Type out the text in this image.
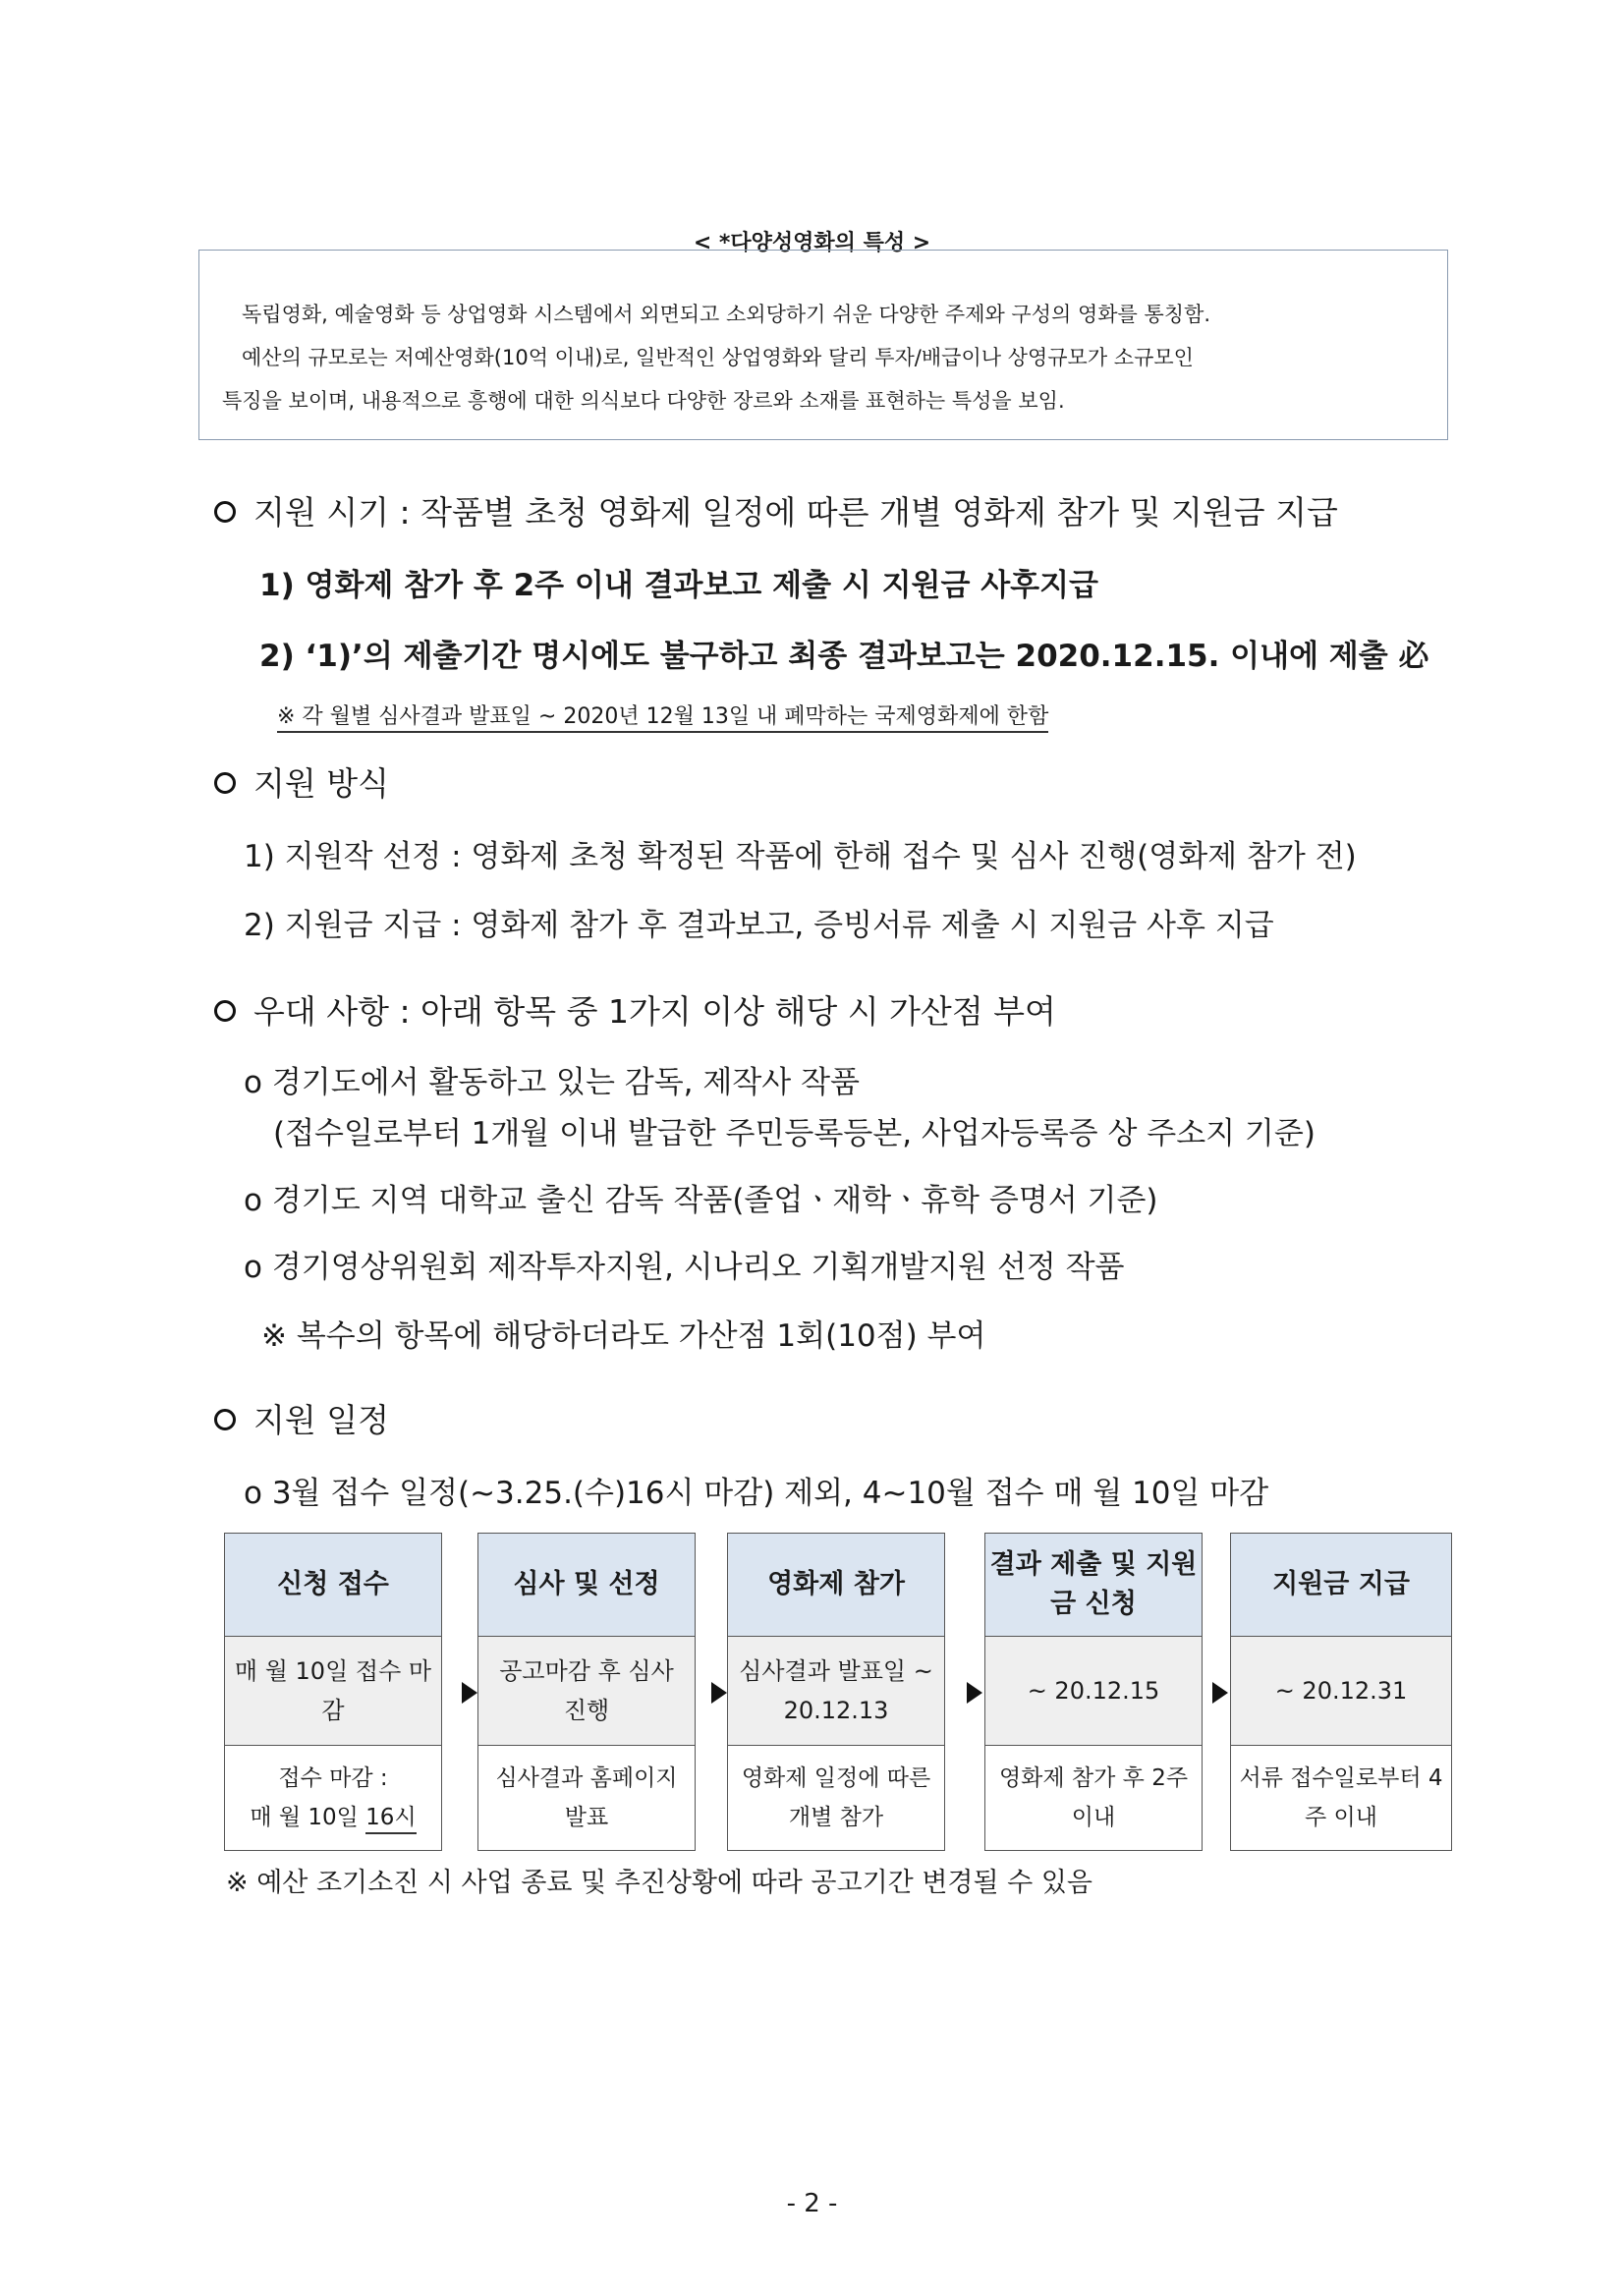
< *다양성영화의 특성 >
독립영화, 예술영화 등 상업영화 시스템에서 외면되고 소외당하기 쉬운 다양한 주제와 구성의 영화를 통칭함.
예산의 규모로는 저예산영화(10억 이내)로, 일반적인 상업영화와 달리 투자/배급이나 상영규모가 소규모인
특징을 보이며, 내용적으로 흥행에 대한 의식보다 다양한 장르와 소재를 표현하는 특성을 보임.
지원 시기 : 작품별 초청 영화제 일정에 따른 개별 영화제 참가 및 지원금 지급
1) 영화제 참가 후 2주 이내 결과보고 제출 시 지원금 사후지급
2) ‘1)’의 제출기간 명시에도 불구하고 최종 결과보고는 2020.12.15. 이내에 제출 必
※ 각 월별 심사결과 발표일 ~ 2020년 12월 13일 내 폐막하는 국제영화제에 한함
지원 방식
1) 지원작 선정 : 영화제 초청 확정된 작품에 한해 접수 및 심사 진행(영화제 참가 전)
2) 지원금 지급 : 영화제 참가 후 결과보고, 증빙서류 제출 시 지원금 사후 지급
우대 사항 : 아래 항목 중 1가지 이상 해당 시 가산점 부여
o 경기도에서 활동하고 있는 감독, 제작사 작품
(접수일로부터 1개월 이내 발급한 주민등록등본, 사업자등록증 상 주소지 기준)
o 경기도 지역 대학교 출신 감독 작품(졸업ㆍ재학ㆍ휴학 증명서 기준)
o 경기영상위원회 제작투자지원, 시나리오 기획개발지원 선정 작품
※ 복수의 항목에 해당하더라도 가산점 1회(10점) 부여
지원 일정
o 3월 접수 일정(~3.25.(수)16시 마감) 제외, 4~10월 접수 매 월 10일 마감
신청 접수
매 월 10일 접수 마감
접수 마감 :
매 월 10일 16시
심사 및 선정
공고마감 후 심사 진행
심사결과 홈페이지 발표
영화제 참가
심사결과 발표일 ~ 20.12.13
영화제 일정에 따른 개별 참가
결과 제출 및 지원금 신청
~ 20.12.15
영화제 참가 후 2주 이내
지원금 지급
~ 20.12.31
서류 접수일로부터 4주 이내
※ 예산 조기소진 시 사업 종료 및 추진상황에 따라 공고기간 변경될 수 있음
- 2 -
